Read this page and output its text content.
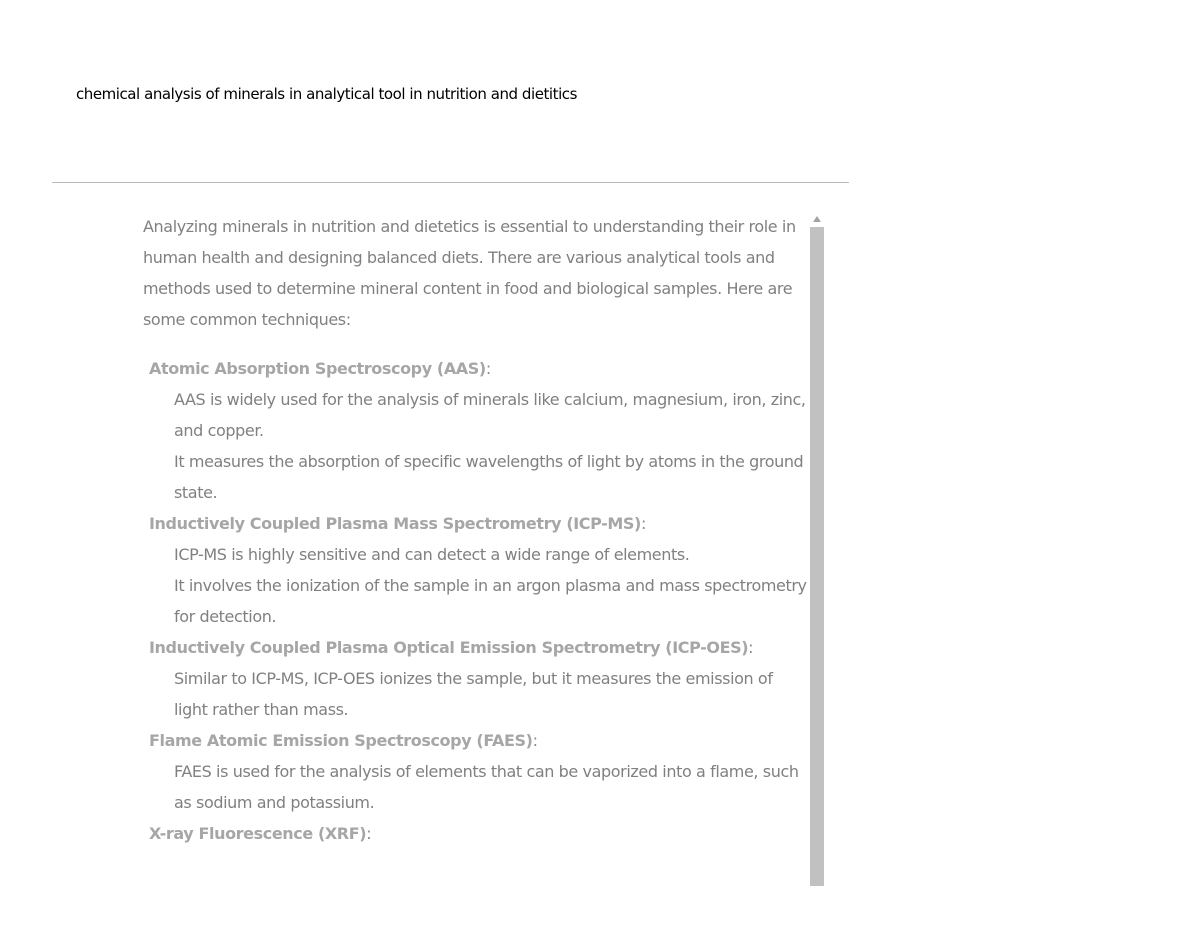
chemical analysis of minerals in analytical tool in nutrition and dietitics

Analyzing minerals in nutrition and dietetics is essential to understanding their role in human health and designing balanced diets. There are various analytical tools and methods used to determine mineral content in food and biological samples. Here are some common techniques:

Atomic Absorption Spectroscopy (AAS):

AAS is widely used for the analysis of minerals like calcium, magnesium, iron, zinc, and copper.
It measures the absorption of specific wavelengths of light by atoms in the ground state.

Inductively Coupled Plasma Mass Spectrometry (ICP-MS):

ICP-MS is highly sensitive and can detect a wide range of elements.
It involves the ionization of the sample in an argon plasma and mass spectrometry for detection.

Inductively Coupled Plasma Optical Emission Spectrometry (ICP-OES):

Similar to ICP-MS, ICP-OES ionizes the sample, but it measures the emission of light rather than mass.

Flame Atomic Emission Spectroscopy (FAES):

FAES is used for the analysis of elements that can be vaporized into a flame, such as sodium and potassium.

X-ray Fluorescence (XRF):
